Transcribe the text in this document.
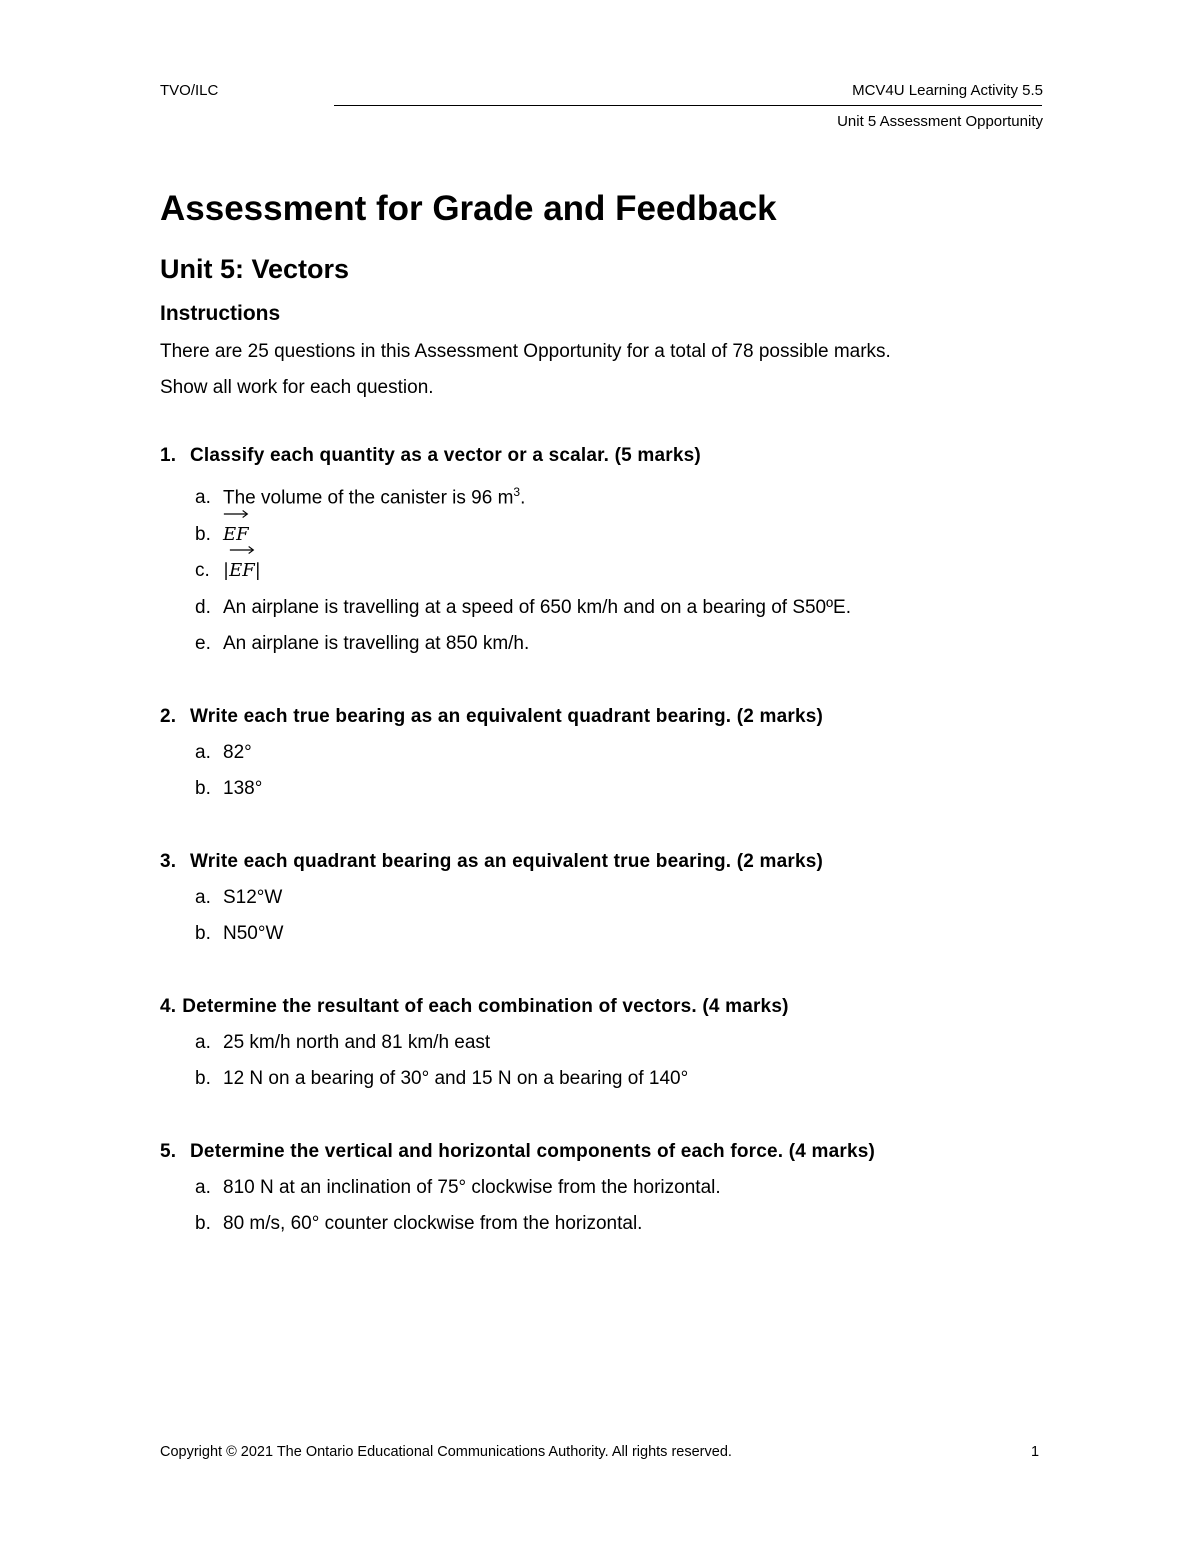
TVO/ILC	MCV4U Learning Activity 5.5
Unit 5 Assessment Opportunity
Assessment for Grade and Feedback
Unit 5: Vectors
Instructions

There are 25 questions in this Assessment Opportunity for a total of 78 possible marks.

Show all work for each question.

1. Classify each quantity as a vector or a scalar. (5 marks)
a. The volume of the canister is 96 $m^3$.
b. EF
c. |
EF|
d. An airplane is travelling at a speed of 650 km/h and on a bearing of S50ºE.
e. An airplane is travelling at 850 km/h.
2. Write each true bearing as an equivalent quadrant bearing. (2 marks)
a. 82°
b. 138°
3. Write each quadrant bearing as an equivalent true bearing. (2 marks)
a. S12°W
b. N50°W
4. Determine the resultant of each combination of vectors. (4 marks)
a. 25 km/h north and 81 km/h east
b. 12 N on a bearing of 30° and 15 N on a bearing of 140°
5. Determine the vertical and horizontal components of each force. (4 marks)
a. 810 N at an inclination of 75° clockwise from the horizontal.
b. 80 m/s, 60° counter clockwise from the horizontal.
Copyright © 2021 The Ontario Educational Communications Authority. All rights reserved.	1
